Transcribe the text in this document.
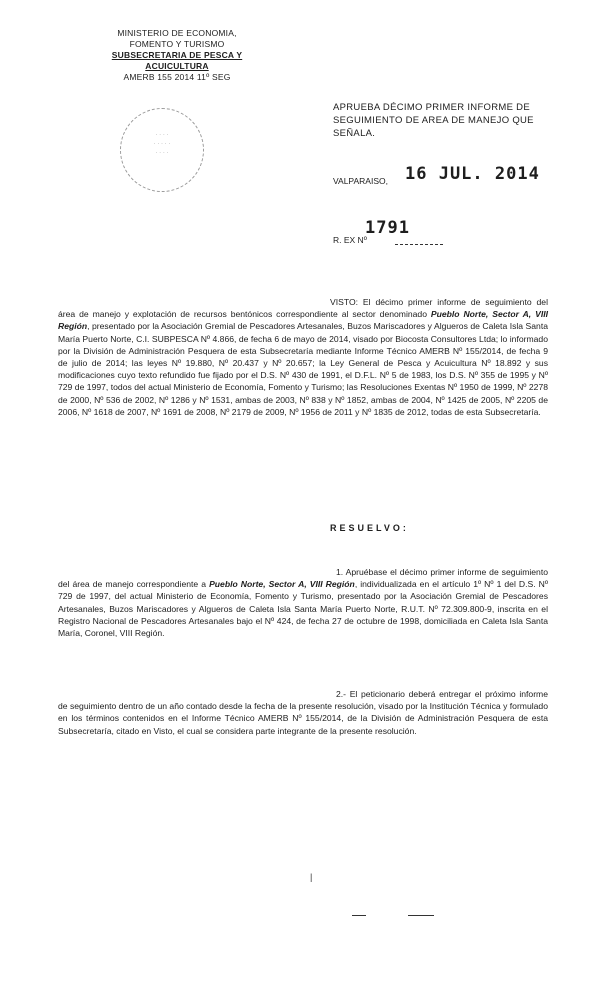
MINISTERIO DE ECONOMIA,
FOMENTO Y TURISMO
SUBSECRETARIA DE PESCA Y ACUICULTURA
AMERB 155 2014 11º SEG
· · · ·
· · · · ·
· · · ·
APRUEBA DÉCIMO PRIMER INFORME DE SEGUIMIENTO DE AREA DE MANEJO QUE SEÑALA.
VALPARAISO, 16 JUL. 2014
R. EX Nº
1791

VISTO: El décimo primer informe de seguimiento del área de manejo y explotación de recursos bentónicos correspondiente al sector denominado Pueblo Norte, Sector A, VIII Región, presentado por la Asociación Gremial de Pescadores Artesanales, Buzos Mariscadores y Algueros de Caleta Isla Santa María Puerto Norte, C.I. SUBPESCA Nº 4.866, de fecha 6 de mayo de 2014, visado por Biocosta Consultores Ltda; lo informado por la División de Administración Pesquera de esta Subsecretaría mediante Informe Técnico AMERB Nº 155/2014, de fecha 9 de julio de 2014; las leyes Nº 19.880, Nº 20.437 y Nº 20.657; la Ley General de Pesca y Acuicultura Nº 18.892 y sus modificaciones cuyo texto refundido fue fijado por el D.S. Nº 430 de 1991, el D.F.L. Nº 5 de 1983, los D.S. Nº 355 de 1995 y Nº 729 de 1997, todos del actual Ministerio de Economía, Fomento y Turismo; las Resoluciones Exentas Nº 1950 de 1999, Nº 2278 de 2000, Nº 536 de 2002, Nº 1286 y Nº 1531, ambas de 2003, Nº 838 y Nº 1852, ambas de 2004, Nº 1425 de 2005, Nº 2205 de 2006, Nº 1618 de 2007, Nº 1691 de 2008, Nº 2179 de 2009, Nº 1956 de 2011 y Nº 1835 de 2012, todas de esta Subsecretaría.

RESUELVO:

1. Apruébase el décimo primer informe de seguimiento del área de manejo correspondiente a Pueblo Norte, Sector A, VIII Región, individualizada en el artículo 1º Nº 1 del D.S. Nº 729 de 1997, del actual Ministerio de Economía, Fomento y Turismo, presentado por la Asociación Gremial de Pescadores Artesanales, Buzos Mariscadores y Algueros de Caleta Isla Santa María Puerto Norte, R.U.T. Nº 72.309.800-9, inscrita en el Registro Nacional de Pescadores Artesanales bajo el Nº 424, de fecha 27 de octubre de 1998, domiciliada en Caleta Isla Santa María, Coronel, VIII Región.

2.- El peticionario deberá entregar el próximo informe de seguimiento dentro de un año contado desde la fecha de la presente resolución, visado por la Institución Técnica y formulado en los términos contenidos en el Informe Técnico AMERB Nº 155/2014, de la División de Administración Pesquera de esta Subsecretaría, citado en Visto, el cual se considera parte integrante de la presente resolución.

|
